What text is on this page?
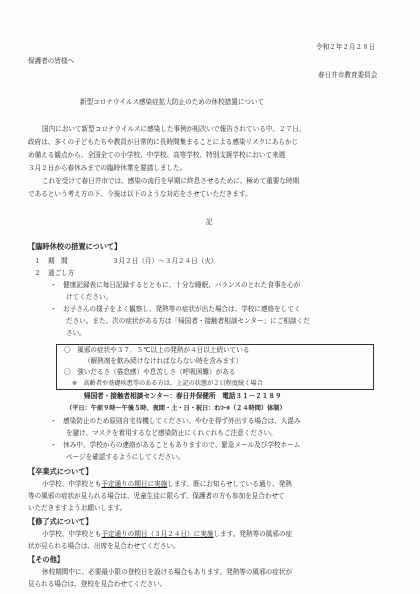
令和２年２月２８日
保護者の皆様へ
春日井市教育委員会
新型コロナウイルス感染症拡大防止のための休校措置について
国内において新型コロナウイルスに感染した事例が相次いで報告されている中、２７日、
政府は、多くの子どもたちや教員が日常的に長時間集まることによる感染リスクにあらかじ
め備える観点から、全国全ての小学校、中学校、高等学校、特別支援学校において来週
３月２日から春休みまでの臨時休業を要請しました。
これを受けて春日井市では、感染の流行を早期に終息させるために、極めて重要な時期
であるという考え方の下、今後は以下のような対応をさせていただきます。
記
【臨時休校の措置について】
１ 期　間	３月２日（月）～３月２４日（火）
２ 過ごし方
・　健康記録表に毎日記録するとともに、十分な睡眠、バランスのとれた食事を心が
けてください。
・　お子さんの様子をよく観察し、発熱等の症状が出た場合は、学校に連絡をしてく
ださい。また、次の症状がある方は「帰国者・接触者相談センター」にご相談くだ
さい。
〇　風邪の症状や３７．５℃以上の発熱が４日以上続いている
（解熱剤を飲み続けなければならない時を含みます）
〇　強いだるさ（倦怠感）や息苦しさ（呼吸困難）がある
※　高齢者や基礎疾患等のある方は、上記の状態が２日程度続く場合
帰国者・接触者相談センター：春日井保健所　電話３１－２１８９
（平日：午前９時～午後５時、夜間・土・日・祝日：ｵﾝｺｰﾙ（２４時間）体制）
・　感染防止のため原則自宅待機してください。やむを得ず外出する場合は、人混み
を避け、マスクを着用するなど感染防止にくれぐれもご注意ください。
・　休み中、学校からの連絡があることもありますので、緊急メール及び学校ホーム
ページを確認するようにしてください。
【卒業式について】
小学校、中学校とも予定通りの期日に実施します。既にお知らせしている通り、発熱
等の風邪の症状が見られる場合は、児童生徒に限らず、保護者の方も参加を見合わせて
いただきますようお願いします。
【修了式について】
小学校、中学校とも予定通りの期日（３月２４日）に実施します。発熱等の風邪の症
状が見られる場合は、出席を見合わせてください。
【その他】
休校期間中に、必要最小限の登校日を設ける場合もあります。発熱等の風邪の症状が
見られる場合は、登校を見合わせてください。
